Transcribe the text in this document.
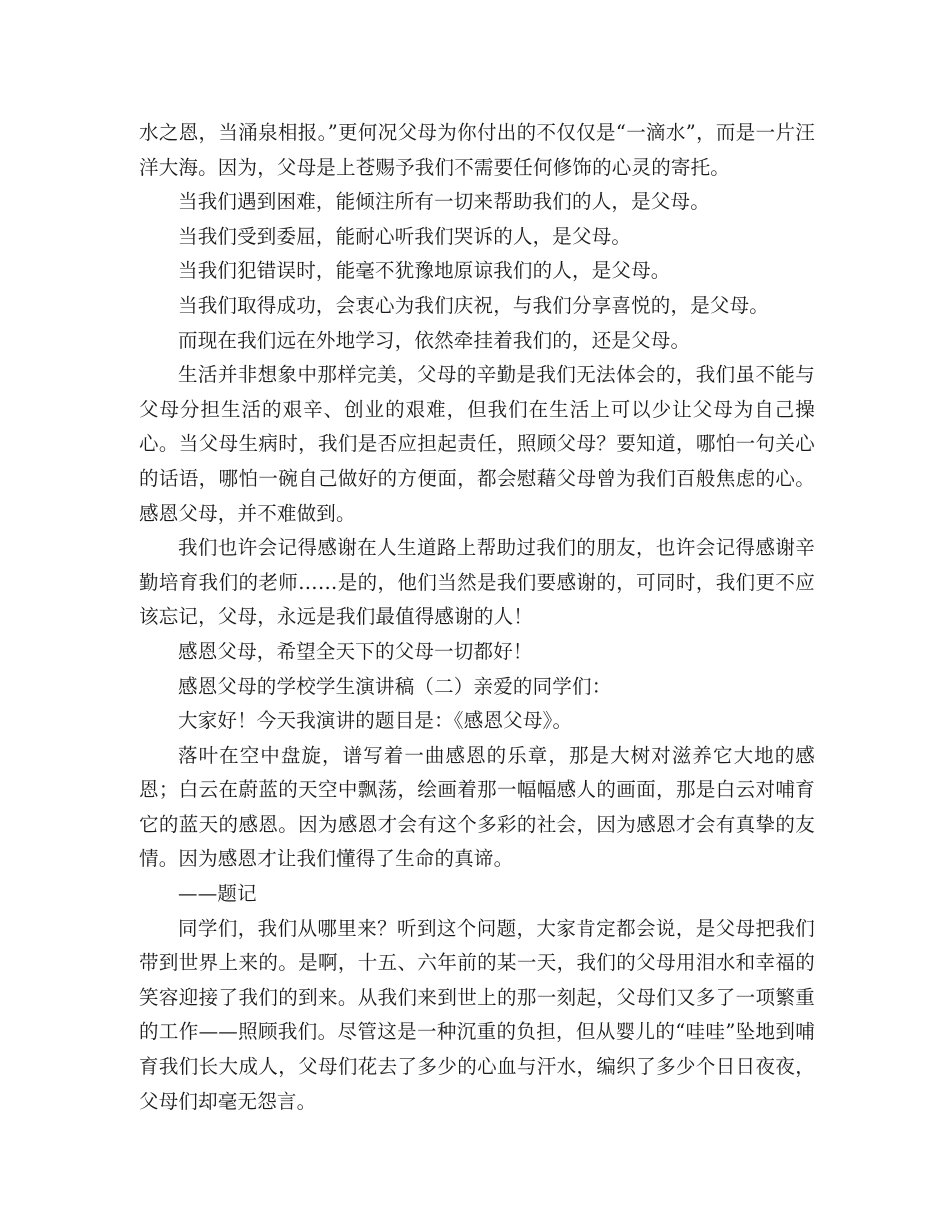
水之恩，当涌泉相报。”更何况父母为你付出的不仅仅是“一滴水”，而是一片汪洋大海。因为，父母是上苍赐予我们不需要任何修饰的心灵的寄托。

当我们遇到困难，能倾注所有一切来帮助我们的人，是父母。

当我们受到委屈，能耐心听我们哭诉的人，是父母。

当我们犯错误时，能毫不犹豫地原谅我们的人，是父母。

当我们取得成功，会衷心为我们庆祝，与我们分享喜悦的，是父母。

而现在我们远在外地学习，依然牵挂着我们的，还是父母。

生活并非想象中那样完美，父母的辛勤是我们无法体会的，我们虽不能与父母分担生活的艰辛、创业的艰难，但我们在生活上可以少让父母为自己操心。当父母生病时，我们是否应担起责任，照顾父母？要知道，哪怕一句关心的话语，哪怕一碗自己做好的方便面，都会慰藉父母曾为我们百般焦虑的心。感恩父母，并不难做到。

我们也许会记得感谢在人生道路上帮助过我们的朋友，也许会记得感谢辛勤培育我们的老师……是的，他们当然是我们要感谢的，可同时，我们更不应该忘记，父母，永远是我们最值得感谢的人！

感恩父母，希望全天下的父母一切都好！

感恩父母的学校学生演讲稿（二）亲爱的同学们：

大家好！今天我演讲的题目是：《感恩父母》。

落叶在空中盘旋，谱写着一曲感恩的乐章，那是大树对滋养它大地的感恩；白云在蔚蓝的天空中飘荡，绘画着那一幅幅感人的画面，那是白云对哺育它的蓝天的感恩。因为感恩才会有这个多彩的社会，因为感恩才会有真挚的友情。因为感恩才让我们懂得了生命的真谛。

——题记

同学们，我们从哪里来？听到这个问题，大家肯定都会说，是父母把我们带到世界上来的。是啊，十五、六年前的某一天，我们的父母用泪水和幸福的笑容迎接了我们的到来。从我们来到世上的那一刻起，父母们又多了一项繁重的工作——照顾我们。尽管这是一种沉重的负担，但从婴儿的“哇哇”坠地到哺育我们长大成人，父母们花去了多少的心血与汗水，编织了多少个日日夜夜，父母们却毫无怨言。
